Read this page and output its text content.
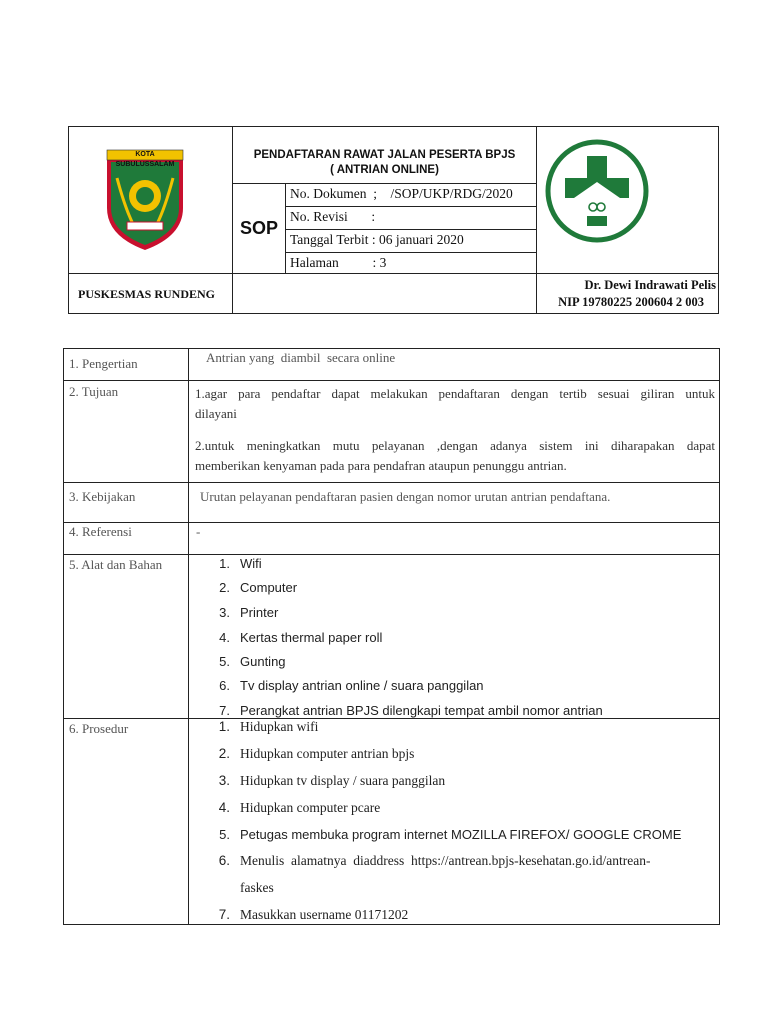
KOTA SUBULUSSALAM
PENDAFTARAN RAWAT JALAN PESERTA BPJS
( ANTRIAN ONLINE)
SOP
No. Dokumen  ;    /SOP/UKP/RDG/2020
No. Revisi       :
Tanggal Terbit : 06 januari 2020
Halaman          : 3
PUSKESMAS RUNDENG
Dr. Dewi Indrawati Pelis
NIP 19780225 200604 2 003
1. Pengertian	Antrian yang  diambil  secara online
2. Tujuan	1.agar para pendaftar dapat melakukan pendaftaran dengan tertib sesuai giliran untuk
dilayani
2.untuk meningkatkan mutu pelayanan ,dengan adanya sistem ini diharapakan dapat
memberikan kenyaman pada para pendafran ataupun penunggu antrian.
3. Kebijakan	Urutan pelayanan pendaftaran pasien dengan nomor urutan antrian pendaftana.
4. Referensi	-
5. Alat dan Bahan	1. Wifi
2. Computer
3. Printer
4. Kertas thermal paper roll
5. Gunting
6. Tv display antrian online / suara panggilan
7. Perangkat antrian BPJS dilengkapi tempat ambil nomor antrian
6. Prosedur	1. Hidupkan wifi
2. Hidupkan computer antrian bpjs
3. Hidupkan tv display / suara panggilan
4. Hidupkan computer pcare
5. Petugas membuka program internet MOZILLA FIREFOX/ GOOGLE CROME
6. Menulis  alamatnya  diaddress  https://antrean.bpjs-kesehatan.go.id/antrean-
faskes
7. Masukkan username 01171202
